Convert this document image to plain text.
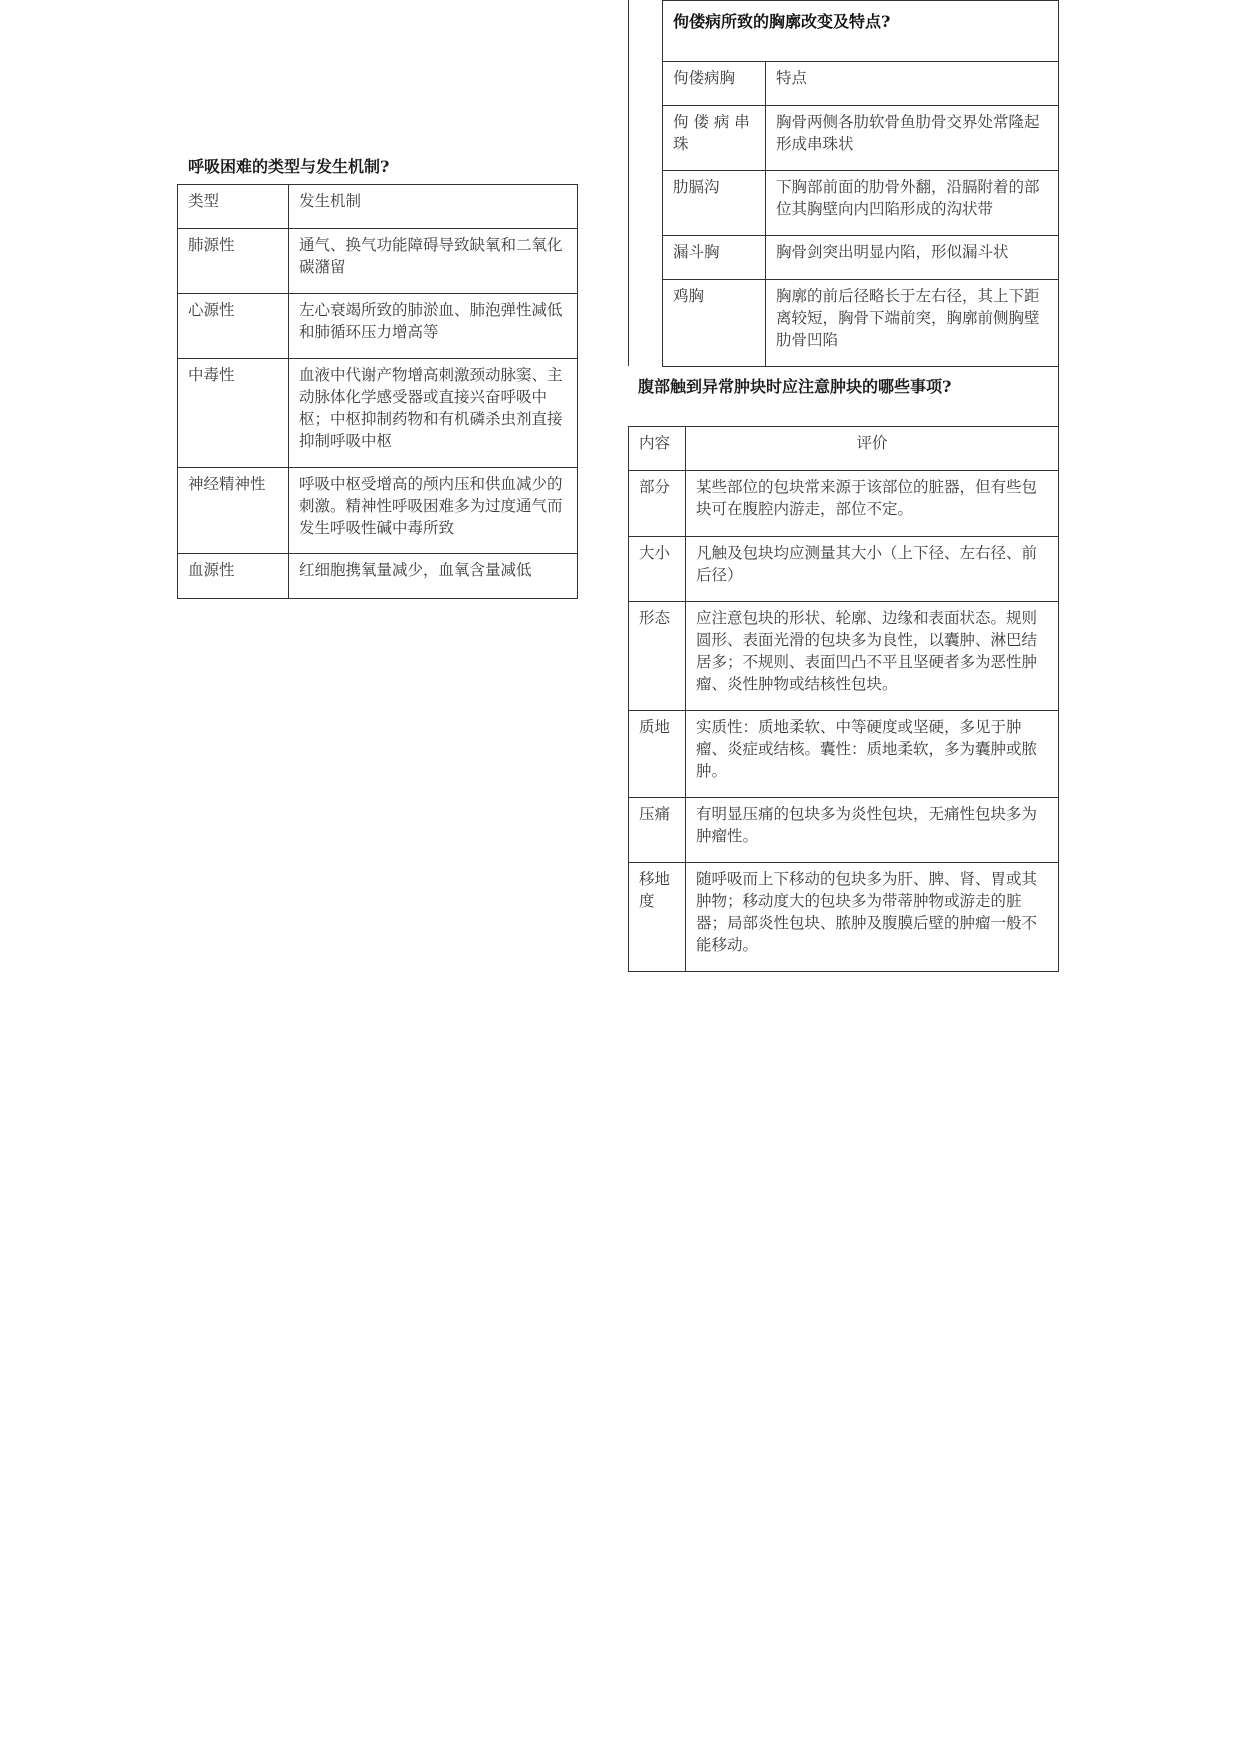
呼吸困难的类型与发生机制?
类型	发生机制
肺源性	通气、换气功能障碍导致缺氧和二氧化碳潴留
心源性	左心衰竭所致的肺淤血、肺泡弹性减低和肺循环压力增高等
中毒性	血液中代谢产物增高刺激颈动脉窦、主动脉体化学感受器或直接兴奋呼吸中枢；中枢抑制药物和有机磷杀虫剂直接抑制呼吸中枢
神经精神性	呼吸中枢受增高的颅内压和供血减少的刺激。精神性呼吸困难多为过度通气而发生呼吸性碱中毒所致
血源性	红细胞携氧量减少，血氧含量减低
佝偻病所致的胸廓改变及特点?	
佝偻病胸	特点
佝 偻 病 串 珠	胸骨两侧各肋软骨鱼肋骨交界处常隆起形成串珠状
肋膈沟	下胸部前面的肋骨外翻，沿膈附着的部位其胸壁向内凹陷形成的沟状带
漏斗胸	胸骨剑突出明显内陷，形似漏斗状
鸡胸	胸廓的前后径略长于左右径，其上下距离较短，胸骨下端前突，胸廓前侧胸壁肋骨凹陷
腹部触到异常肿块时应注意肿块的哪些事项?
内容	评价
部分	某些部位的包块常来源于该部位的脏器，但有些包块可在腹腔内游走，部位不定。
大小	凡触及包块均应测量其大小（上下径、左右径、前后径）
形态	应注意包块的形状、轮廓、边缘和表面状态。规则圆形、表面光滑的包块多为良性，以囊肿、淋巴结居多；不规则、表面凹凸不平且坚硬者多为恶性肿瘤、炎性肿物或结核性包块。
质地	实质性：质地柔软、中等硬度或坚硬，多见于肿瘤、炎症或结核。囊性：质地柔软，多为囊肿或脓肿。
压痛	有明显压痛的包块多为炎性包块，无痛性包块多为肿瘤性。
移地度	随呼吸而上下移动的包块多为肝、脾、肾、胃或其肿物；移动度大的包块多为带蒂肿物或游走的脏器；局部炎性包块、脓肿及腹膜后壁的肿瘤一般不能移动。
